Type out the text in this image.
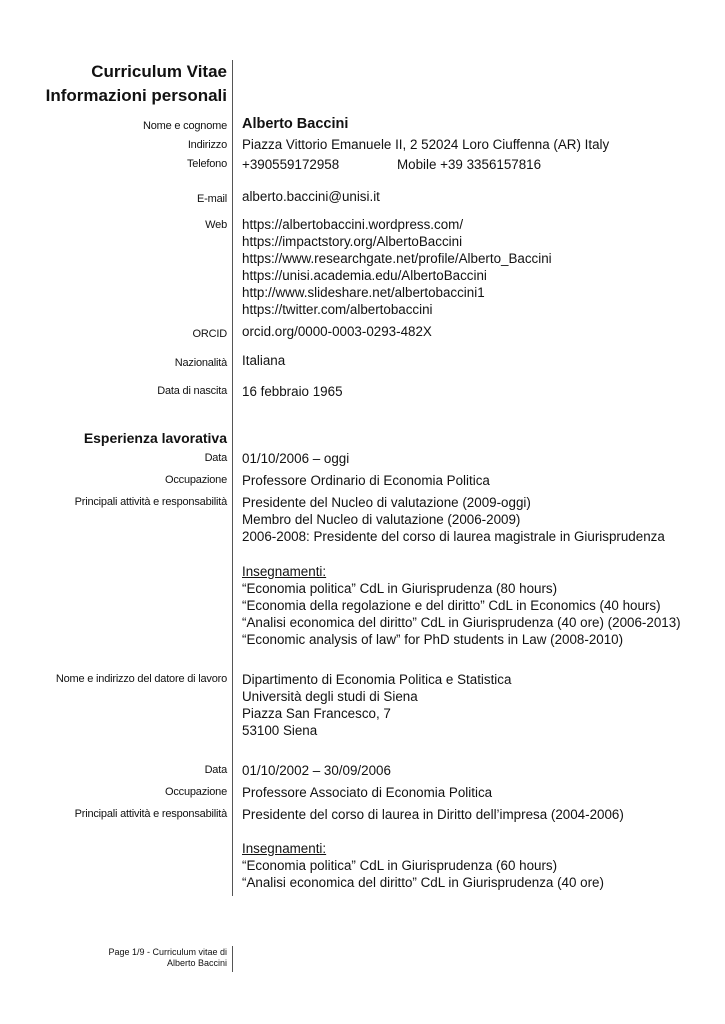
Curriculum Vitae
Informazioni personali
Nome e cognome Alberto Baccini
Indirizzo Piazza Vittorio Emanuele II, 2 52024 Loro Ciuffenna (AR) Italy
Telefono +390559172958	Mobile +39 3356157816
E-mail alberto.baccini@unisi.it
Web https://albertobaccini.wordpress.com/
https://impactstory.org/AlbertoBaccini
https://www.researchgate.net/profile/Alberto_Baccini
https://unisi.academia.edu/AlbertoBaccini
http://www.slideshare.net/albertobaccini1
https://twitter.com/albertobaccini
ORCID orcid.org/0000-0003-0293-482X
Nazionalità Italiana
Data di nascita 16 febbraio 1965
Esperienza lavorativa
Data 01/10/2006 – oggi
Occupazione Professore Ordinario di Economia Politica
Principali attività e responsabilità Presidente del Nucleo di valutazione (2009-oggi)
Membro del Nucleo di valutazione (2006-2009)
2006-2008: Presidente del corso di laurea magistrale in Giurisprudenza
Insegnamenti:
“Economia politica” CdL in Giurisprudenza (80 hours)
“Economia della regolazione e del diritto” CdL in Economics (40 hours)
“Analisi economica del diritto” CdL in Giurisprudenza (40 ore) (2006-2013)
“Economic analysis of law” for PhD students in Law (2008-2010)
Nome e indirizzo del datore di lavoro Dipartimento di Economia Politica e Statistica
Università degli studi di Siena
Piazza San Francesco, 7
53100 Siena
Data 01/10/2002 – 30/09/2006
Occupazione Professore Associato di Economia Politica
Principali attività e responsabilità Presidente del corso di laurea in Diritto dell’impresa (2004-2006)
Insegnamenti:
“Economia politica” CdL in Giurisprudenza (60 hours)
“Analisi economica del diritto” CdL in Giurisprudenza (40 ore)
Page 1/9 - Curriculum vitae di
Alberto Baccini
